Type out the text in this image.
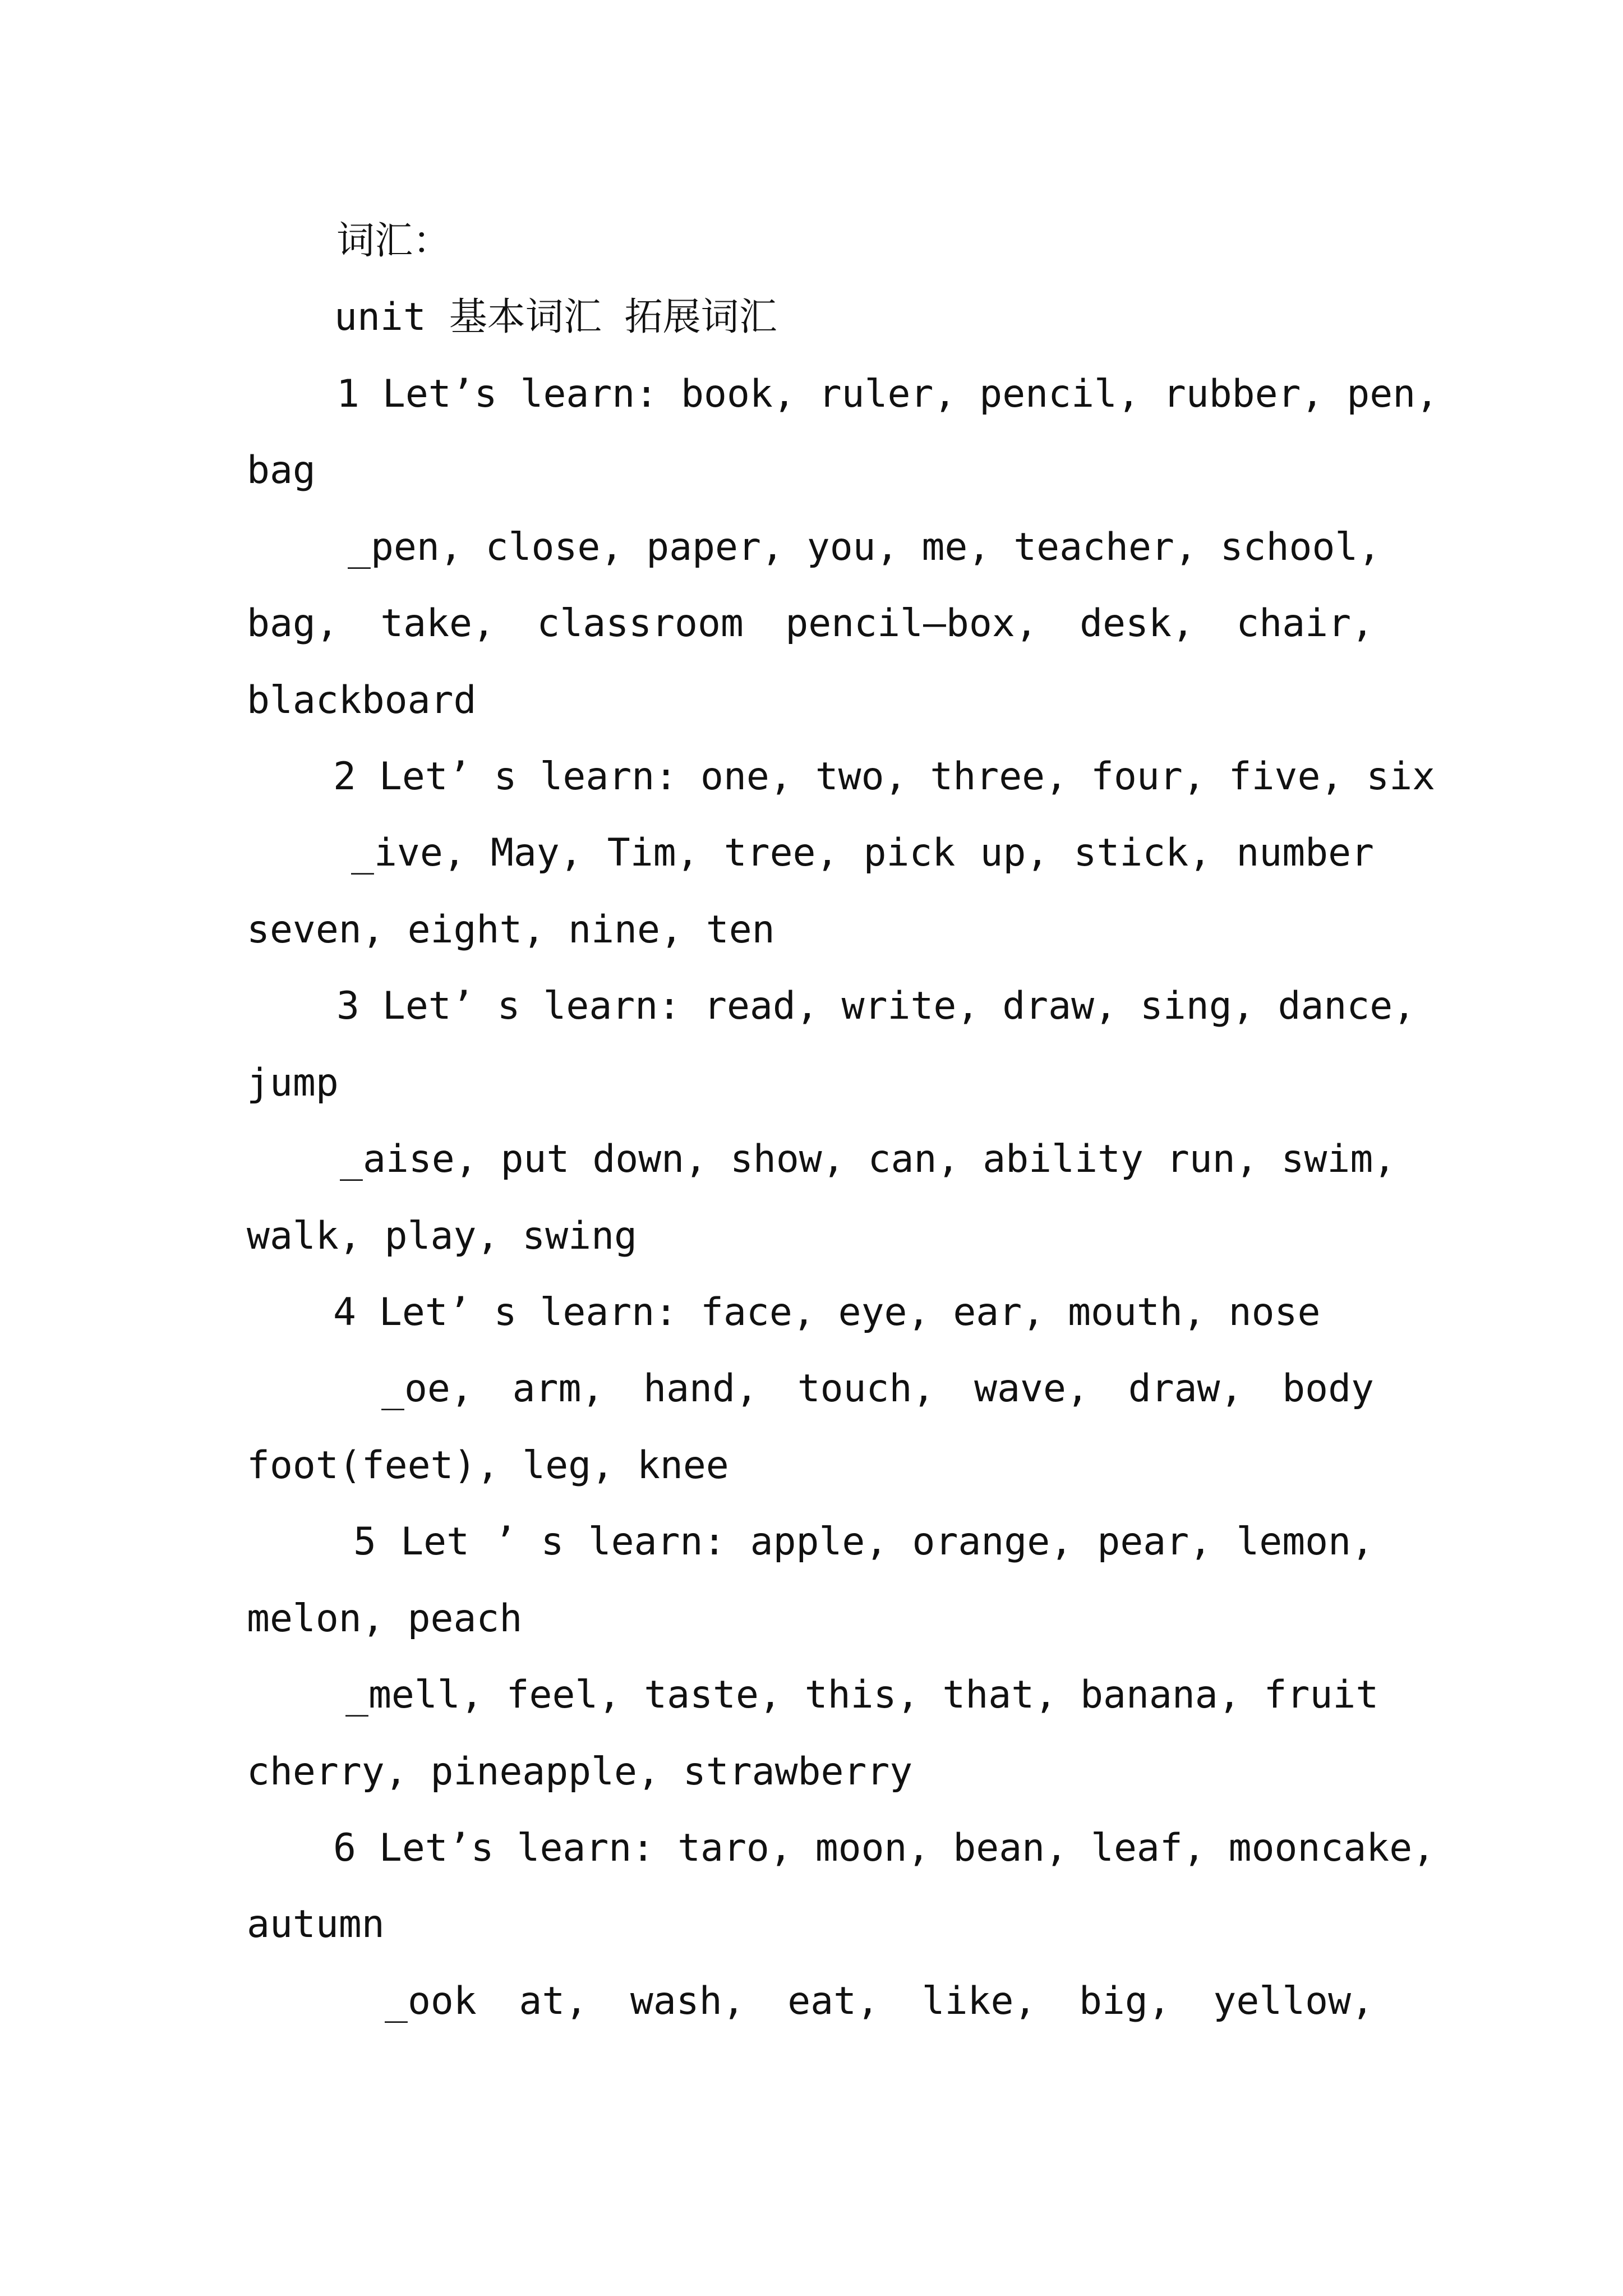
词汇：

unit 基本词汇 拓展词汇

1 Let’s learn: book, ruler, pencil, rubber, pen,

bag

_pen, close, paper, you, me, teacher, school,

bag, take, classroom pencil—box, desk, chair,

blackboard

2 Let’ s learn: one, two, three, four, five, six

_ive, May, Tim, tree, pick up, stick, number

seven, eight, nine, ten

3 Let’ s learn: read, write, draw, sing, dance,

jump

_aise, put down, show, can, ability run, swim,

walk, play, swing

4 Let’ s learn: face, eye, ear, mouth, nose

_oe, arm, hand, touch, wave, draw, body

foot(feet), leg, knee

5 Let ’ s learn: apple, orange, pear, lemon,

melon, peach

_mell, feel, taste, this, that, banana, fruit

cherry, pineapple, strawberry

6 Let’s learn: taro, moon, bean, leaf, mooncake,

autumn

_ook at, wash, eat, like, big, yellow,
